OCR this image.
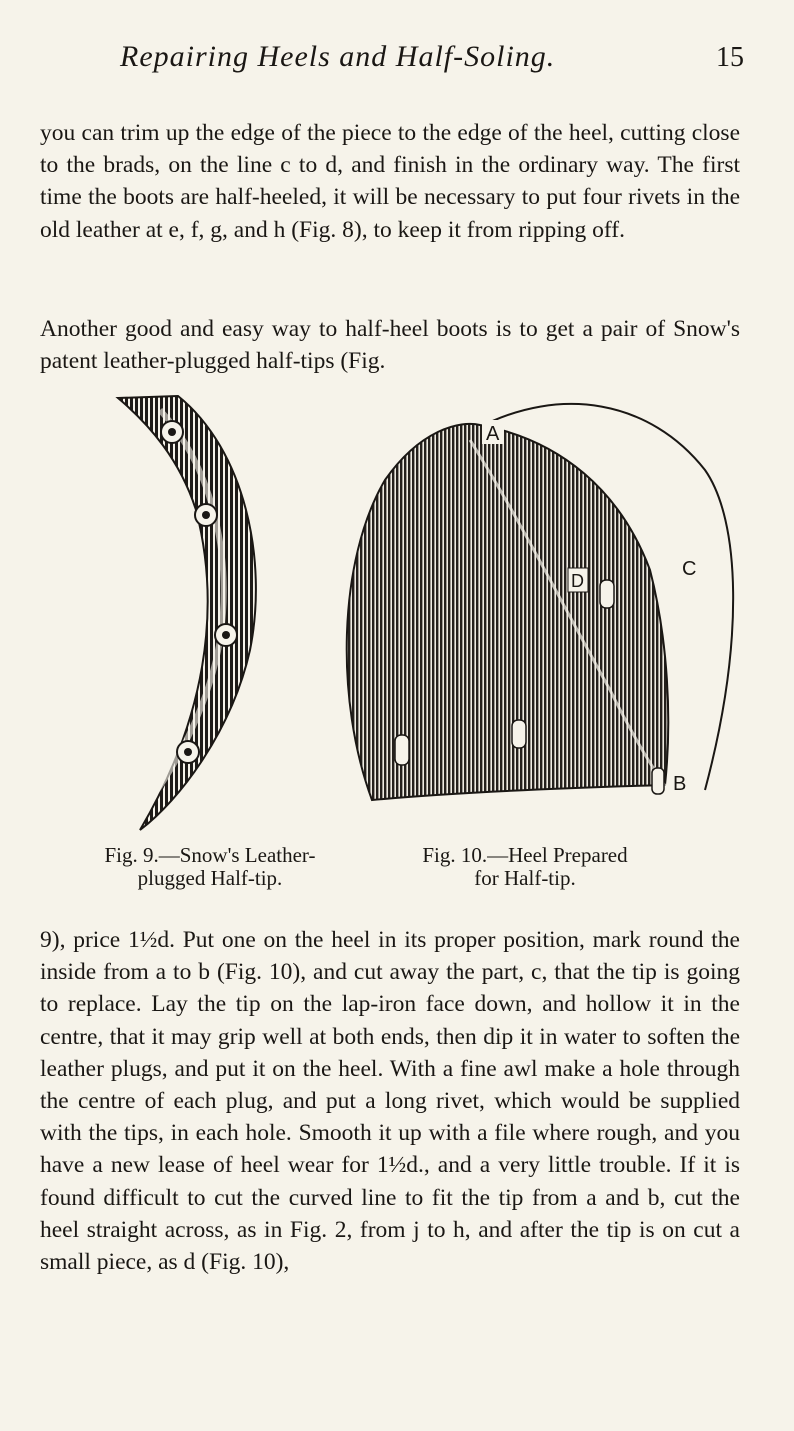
Repairing Heels and Half-Soling.	15

you can trim up the edge of the piece to the edge of the heel, cutting close to the brads, on the line c to d, and finish in the ordinary way. The first time the boots are half-heeled, it will be necessary to put four rivets in the old leather at e, f, g, and h (Fig. 8), to keep it from ripping off.

Another good and easy way to half-heel boots is to get a pair of Snow's patent leather-plugged half-tips (Fig.

A
B
C
D

Fig. 9.—Snow's Leather-
plugged Half-tip.

Fig. 10.—Heel Prepared
for Half-tip.

9), price 1½d. Put one on the heel in its proper position, mark round the inside from a to b (Fig. 10), and cut away the part, c, that the tip is going to replace. Lay the tip on the lap-iron face down, and hollow it in the centre, that it may grip well at both ends, then dip it in water to soften the leather plugs, and put it on the heel. With a fine awl make a hole through the centre of each plug, and put a long rivet, which would be supplied with the tips, in each hole. Smooth it up with a file where rough, and you have a new lease of heel wear for 1½d., and a very little trouble. If it is found difficult to cut the curved line to fit the tip from a and b, cut the heel straight across, as in Fig. 2, from j to h, and after the tip is on cut a small piece, as d (Fig. 10),
